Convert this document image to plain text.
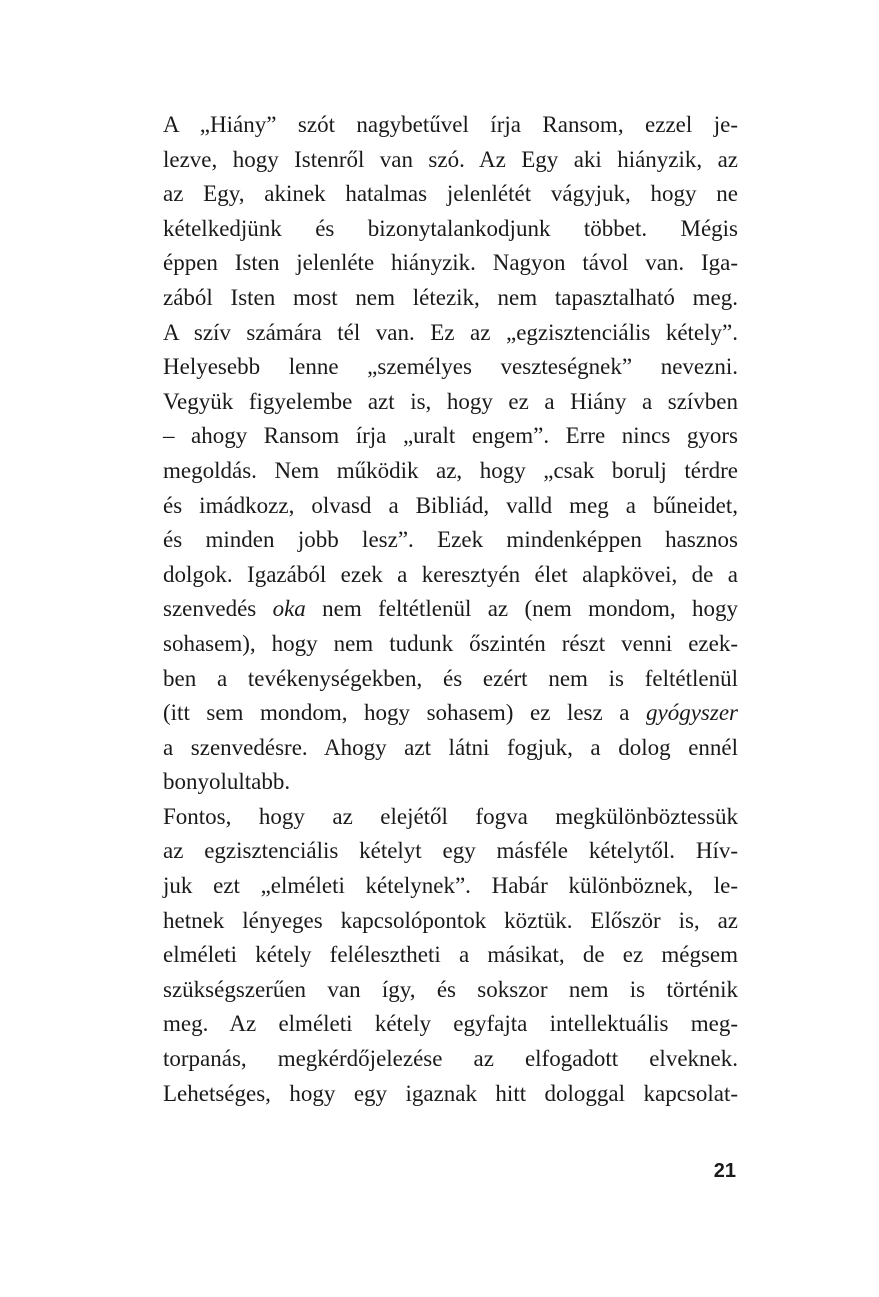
A „Hiány” szót nagybetűvel írja Ransom, ezzel je-
lezve, hogy Istenről van szó. Az Egy aki hiányzik, az
az Egy, akinek hatalmas jelenlétét vágyjuk, hogy ne
kételkedjünk és bizonytalankodjunk többet. Mégis
éppen Isten jelenléte hiányzik. Nagyon távol van. Iga-
zából Isten most nem létezik, nem tapasztalható meg.
A szív számára tél van. Ez az „egzisztenciális kétely”.
Helyesebb lenne „személyes veszteségnek” nevezni.
Vegyük figyelembe azt is, hogy ez a Hiány a szívben
– ahogy Ransom írja „uralt engem”. Erre nincs gyors
megoldás. Nem működik az, hogy „csak borulj térdre
és imádkozz, olvasd a Bibliád, valld meg a bűneidet,
és minden jobb lesz”. Ezek mindenképpen hasznos
dolgok. Igazából ezek a keresztyén élet alapkövei, de a
szenvedés oka nem feltétlenül az (nem mondom, hogy
sohasem), hogy nem tudunk őszintén részt venni ezek-
ben a tevékenységekben, és ezért nem is feltétlenül
(itt sem mondom, hogy sohasem) ez lesz a gyógyszer
a szenvedésre. Ahogy azt látni fogjuk, a dolog ennél
bonyolultabb.

Fontos, hogy az elejétől fogva megkülönböztessük
az egzisztenciális kételyt egy másféle kételytől. Hív-
juk ezt „elméleti kételynek”. Habár különböznek, le-
hetnek lényeges kapcsolópontok köztük. Először is, az
elméleti kétely felélesztheti a másikat, de ez mégsem
szükségszerűen van így, és sokszor nem is történik
meg. Az elméleti kétely egyfajta intellektuális meg-
torpanás, megkérdőjelezése az elfogadott elveknek.
Lehetséges, hogy egy igaznak hitt dologgal kapcsolat-

21
